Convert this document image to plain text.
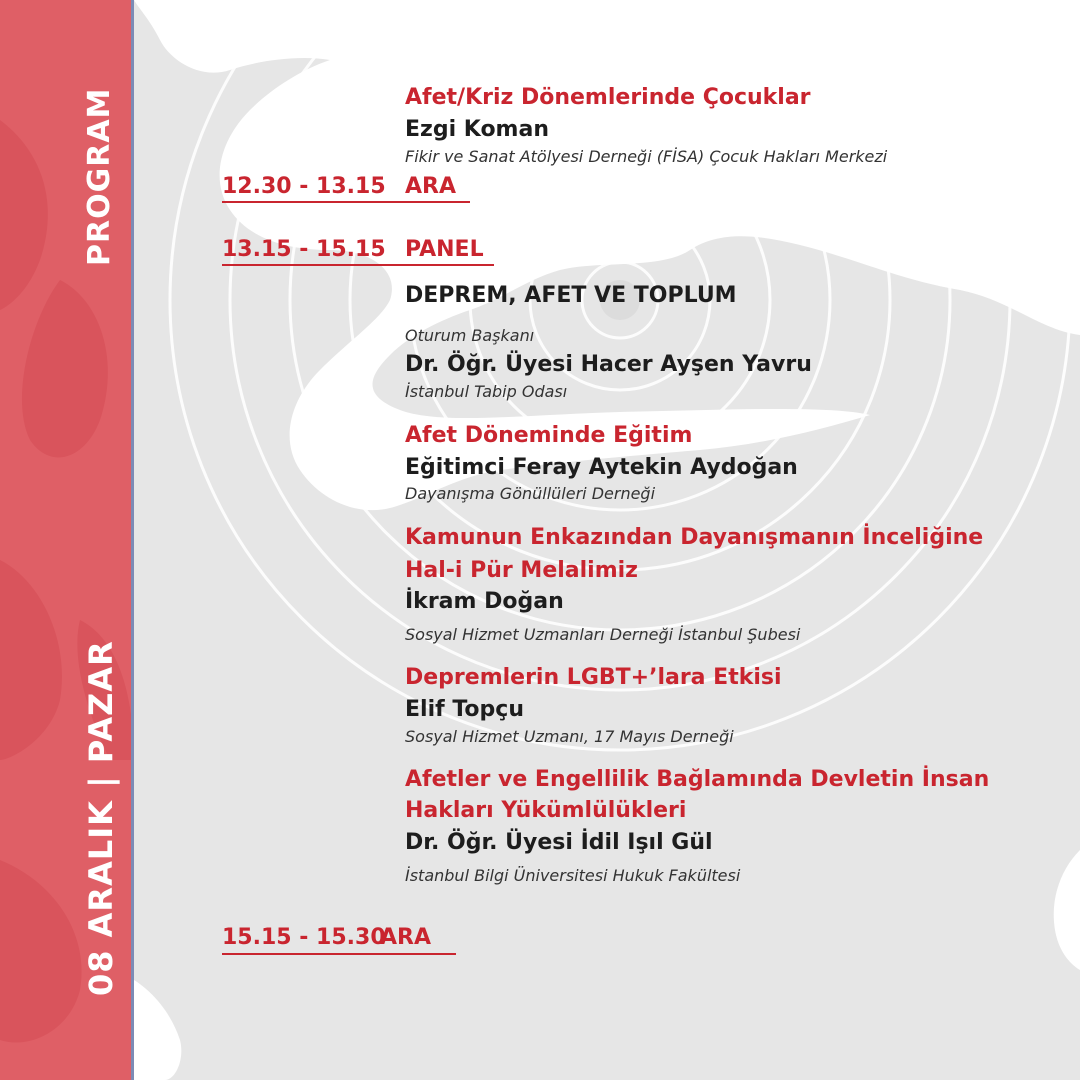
PROGRAM
08 ARALIK | PAZAR
Afet/Kriz Dönemlerinde Çocuklar
Ezgi Koman
Fikir ve Sanat Atölyesi Derneği (FİSA) Çocuk Hakları Merkezi
12.30 - 13.15 ARA
13.15 - 15.15 PANEL
DEPREM, AFET VE TOPLUM
Oturum Başkanı
Dr. Öğr. Üyesi Hacer Ayşen Yavru
İstanbul Tabip Odası
Afet Döneminde Eğitim
Eğitimci Feray Aytekin Aydoğan
Dayanışma Gönüllüleri Derneği
Kamunun Enkazından Dayanışmanın İnceliğine
Hal-i Pür Melalimiz
İkram Doğan
Sosyal Hizmet Uzmanları Derneği İstanbul Şubesi
Depremlerin LGBT+’lara Etkisi
Elif Topçu
Sosyal Hizmet Uzmanı, 17 Mayıs Derneği
Afetler ve Engellilik Bağlamında Devletin İnsan
Hakları Yükümlülükleri
Dr. Öğr. Üyesi İdil Işıl Gül
İstanbul Bilgi Üniversitesi Hukuk Fakültesi
15.15 - 15.30
ARA
